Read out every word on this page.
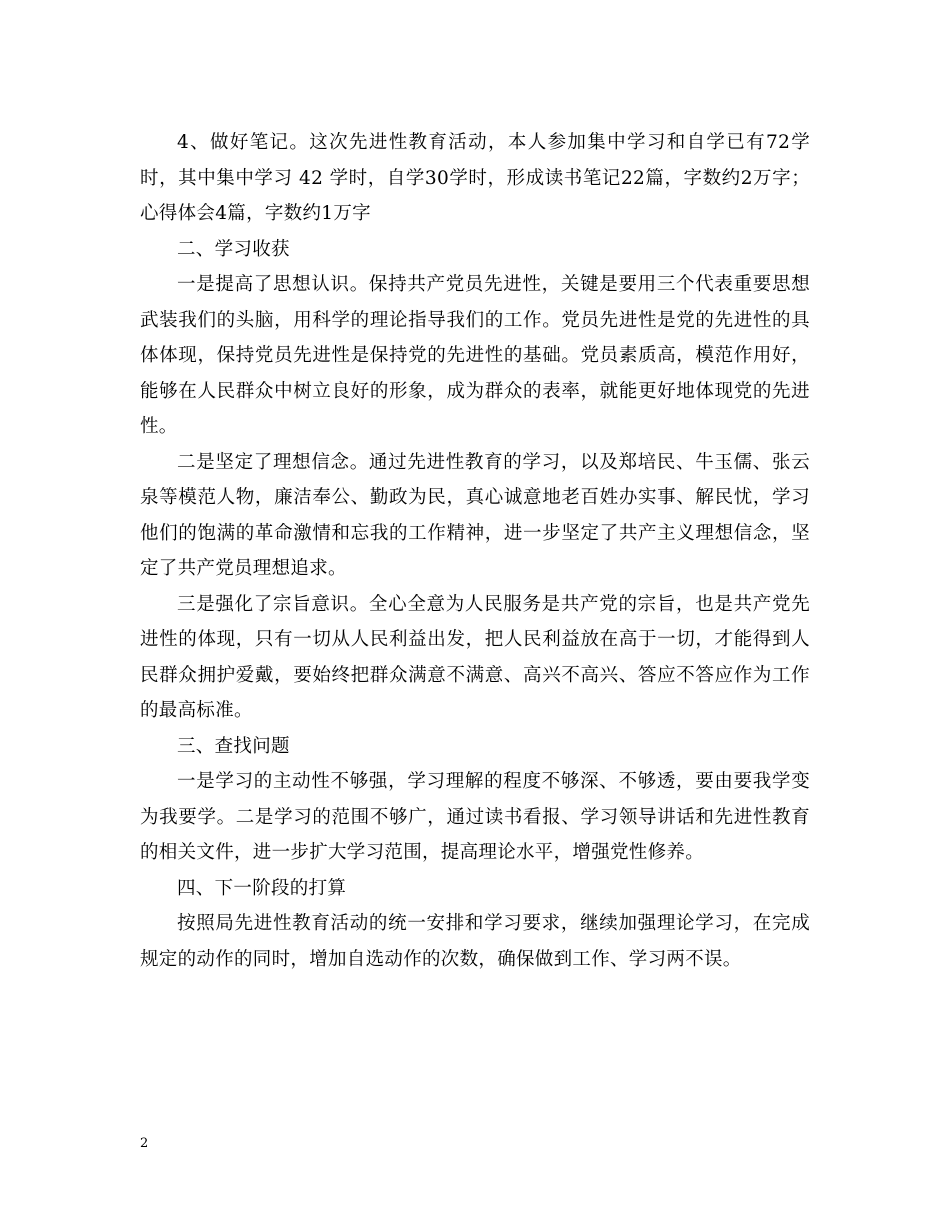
4、做好笔记。这次先进性教育活动，本人参加集中学习和自学已有72学时，其中集中学习 42 学时，自学30学时，形成读书笔记22篇，字数约2万字；心得体会4篇，字数约1万字

二、学习收获

一是提高了思想认识。保持共产党员先进性，关键是要用三个代表重要思想武装我们的头脑，用科学的理论指导我们的工作。党员先进性是党的先进性的具体体现，保持党员先进性是保持党的先进性的基础。党员素质高，模范作用好，能够在人民群众中树立良好的形象，成为群众的表率，就能更好地体现党的先进性。

二是坚定了理想信念。通过先进性教育的学习，以及郑培民、牛玉儒、张云泉等模范人物，廉洁奉公、勤政为民，真心诚意地老百姓办实事、解民忧，学习他们的饱满的革命激情和忘我的工作精神，进一步坚定了共产主义理想信念，坚定了共产党员理想追求。

三是强化了宗旨意识。全心全意为人民服务是共产党的宗旨，也是共产党先进性的体现，只有一切从人民利益出发，把人民利益放在高于一切，才能得到人民群众拥护爱戴，要始终把群众满意不满意、高兴不高兴、答应不答应作为工作的最高标准。

三、查找问题

一是学习的主动性不够强，学习理解的程度不够深、不够透，要由要我学变为我要学。二是学习的范围不够广，通过读书看报、学习领导讲话和先进性教育的相关文件，进一步扩大学习范围，提高理论水平，增强党性修养。

四、下一阶段的打算

按照局先进性教育活动的统一安排和学习要求，继续加强理论学习，在完成规定的动作的同时，增加自选动作的次数，确保做到工作、学习两不误。

2
